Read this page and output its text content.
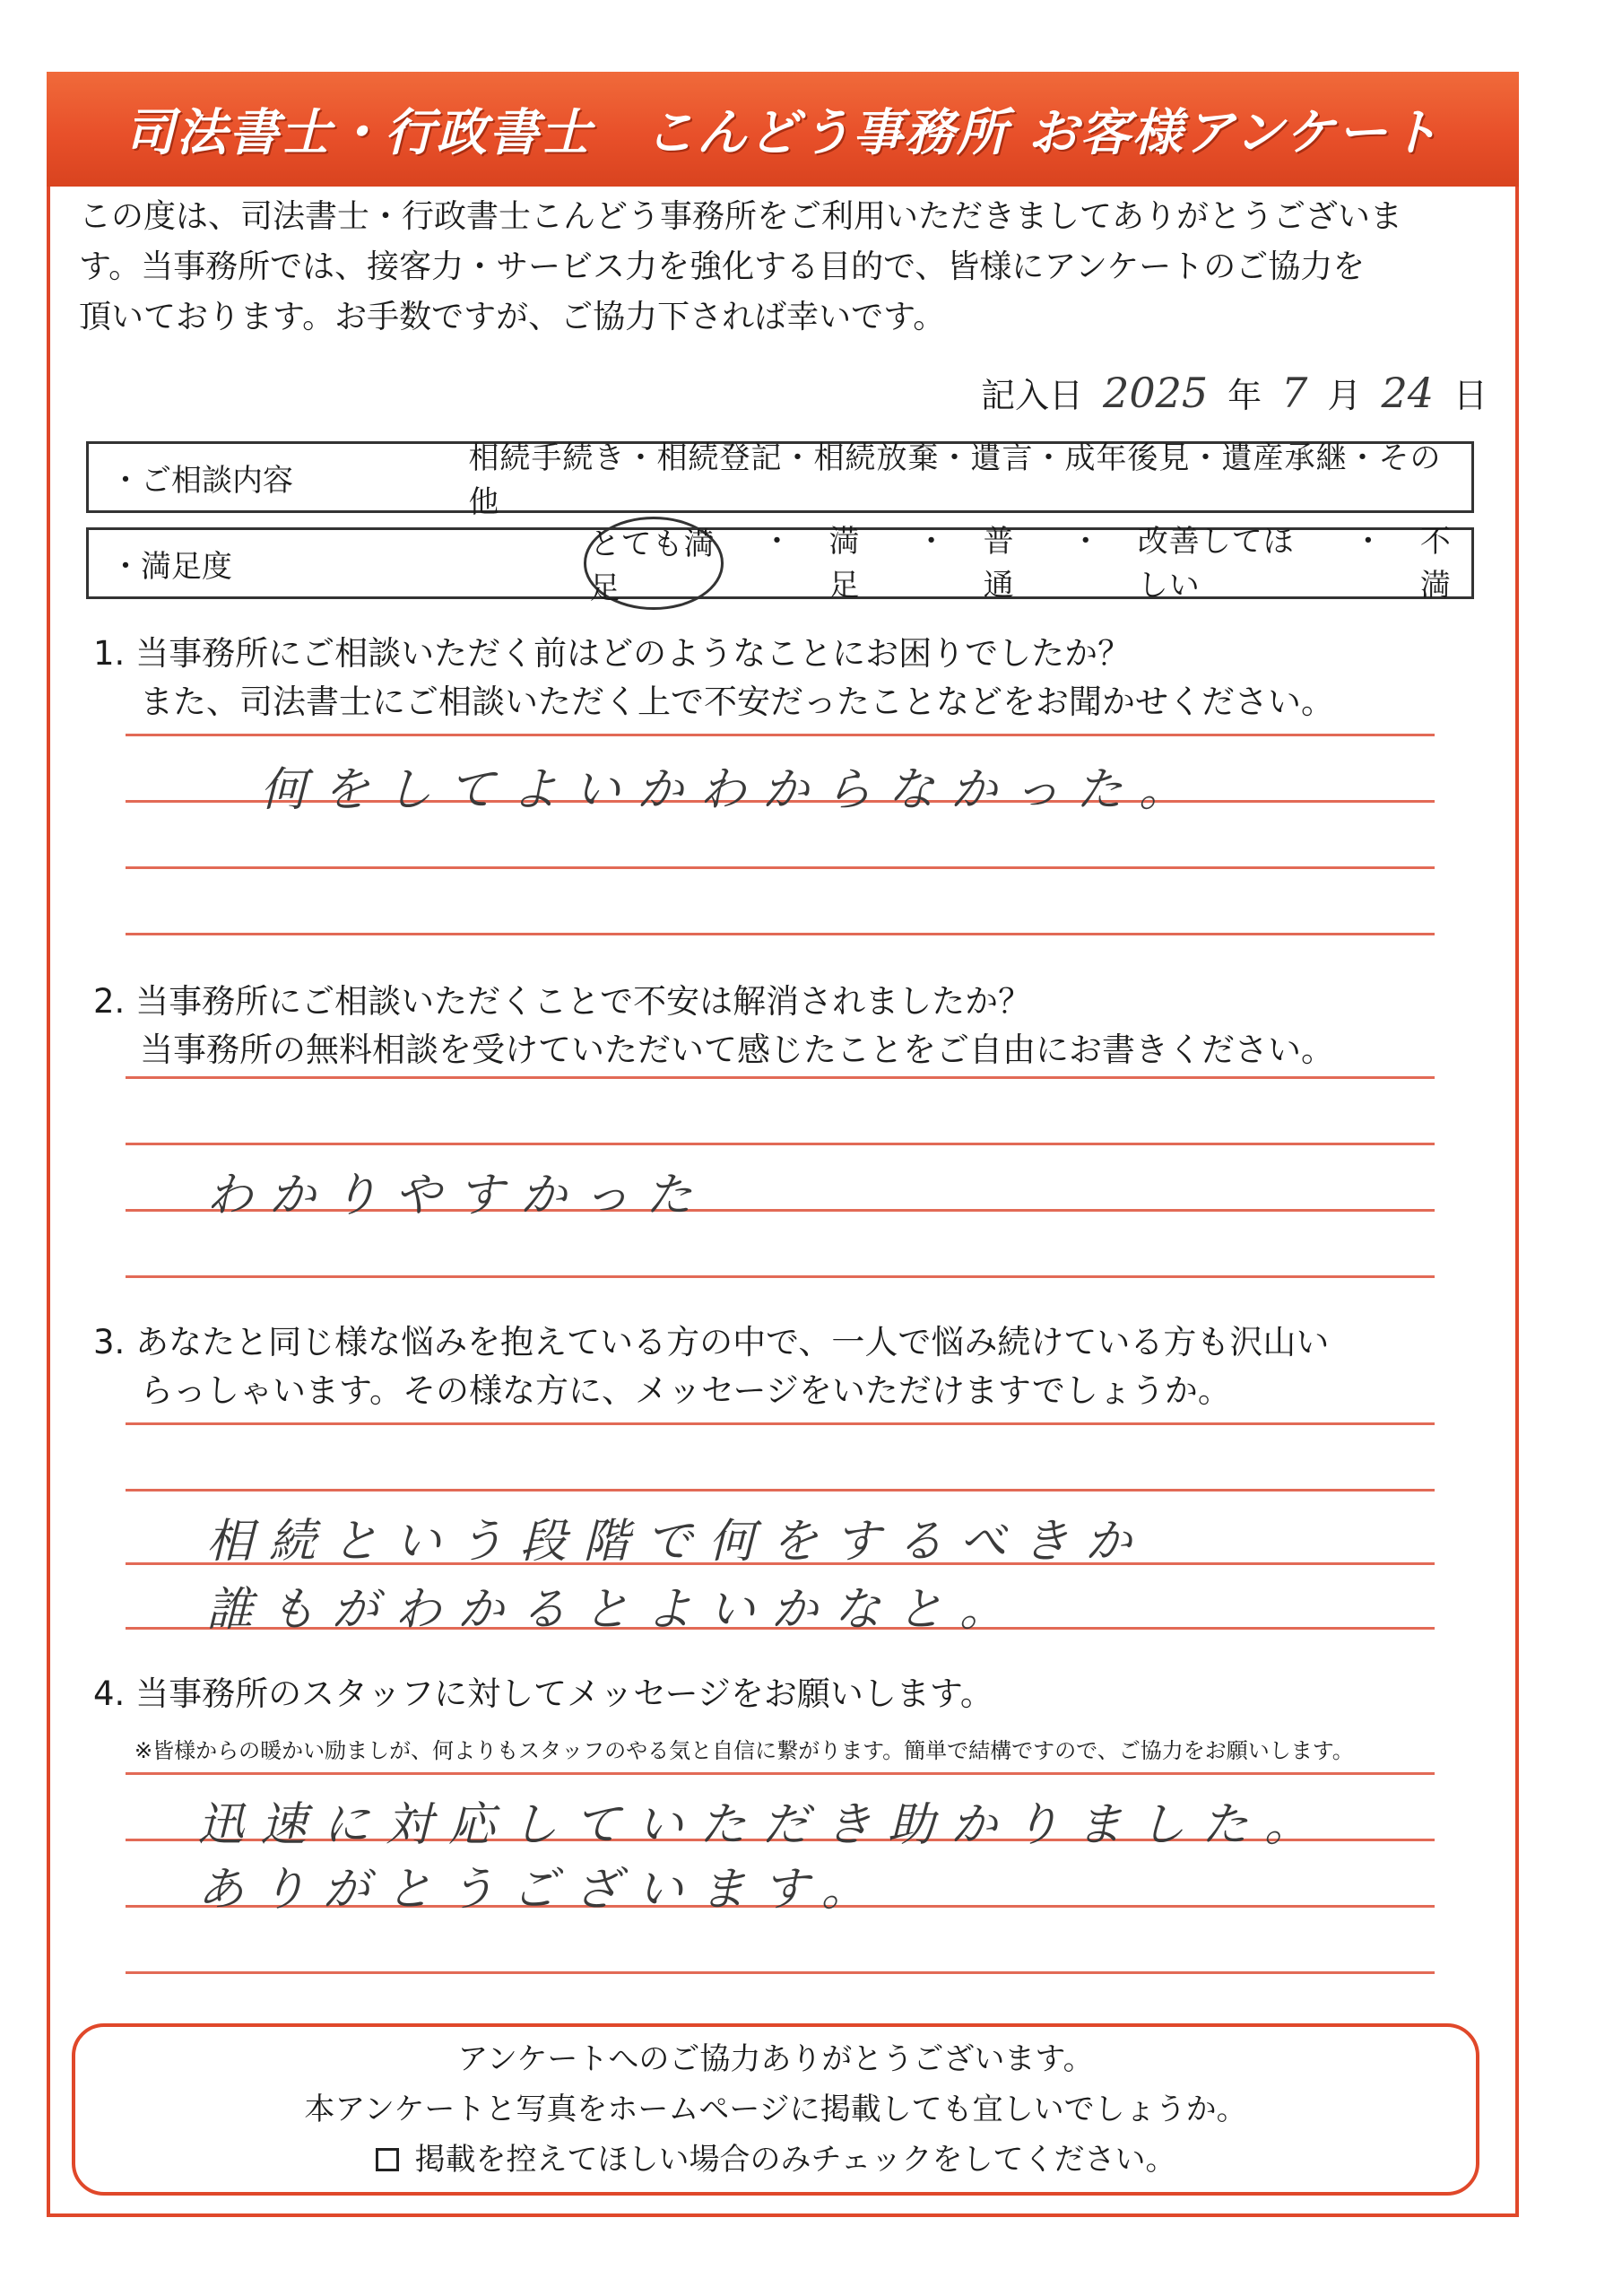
司法書士・行政書士　こんどう事務所 お客様アンケート
この度は、司法書士・行政書士こんどう事務所をご利用いただきましてありがとうございま
す。当事務所では、接客力・サービス力を強化する目的で、皆様にアンケートのご協力を
頂いております。お手数ですが、ご協力下されば幸いです。
記入日 2025 年 7 月 24 日
・ご相談内容
相続手続き・相続登記・相続放棄・遺言・成年後見・遺産承継・その他
・満足度
とても満足
・ 満足
・ 普通
・ 改善してほしい
・ 不満
1. 当事務所にご相談いただく前はどのようなことにお困りでしたか？
また、司法書士にご相談いただく上で不安だったことなどをお聞かせください。
何をしてよいかわからなかった。
2. 当事務所にご相談いただくことで不安は解消されましたか？
当事務所の無料相談を受けていただいて感じたことをご自由にお書きください。
わかりやすかった
3. あなたと同じ様な悩みを抱えている方の中で、一人で悩み続けている方も沢山い
らっしゃいます。その様な方に、メッセージをいただけますでしょうか。
相続という段階で何をするべきか
誰もがわかるとよいかなと。
4. 当事務所のスタッフに対してメッセージをお願いします。
※皆様からの暖かい励ましが、何よりもスタッフのやる気と自信に繋がります。簡単で結構ですので、ご協力をお願いします。
迅速に対応していただき助かりました。
ありがとうございます。
アンケートへのご協力ありがとうございます。
本アンケートと写真をホームページに掲載しても宜しいでしょうか。
掲載を控えてほしい場合のみチェックをしてください。
